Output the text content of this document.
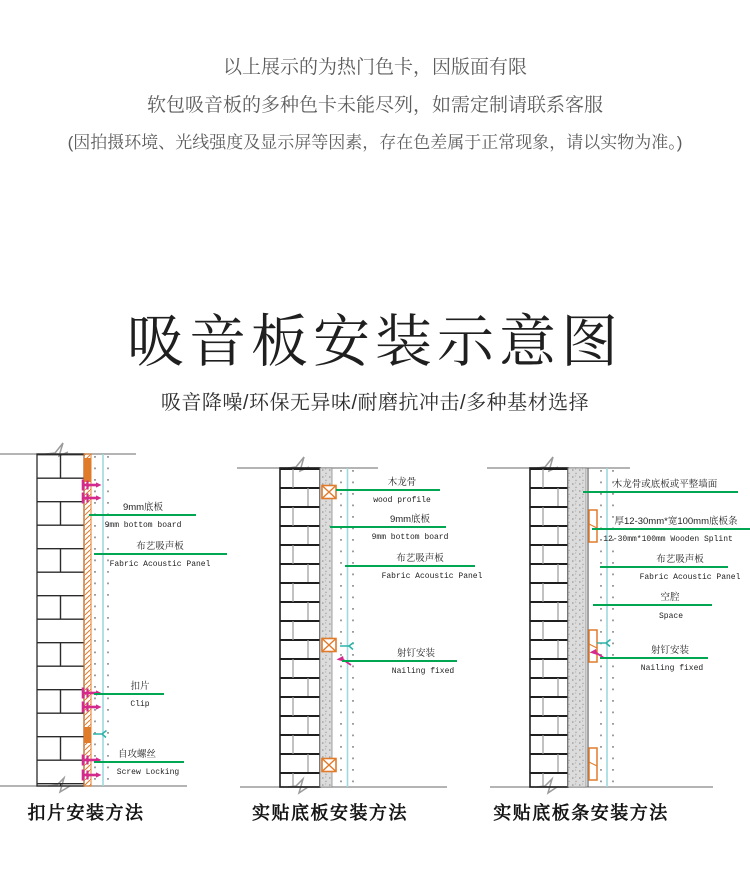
以上展示的为热门色卡，因版面有限
软包吸音板的多种色卡未能尽列，如需定制请联系客服
(因拍摄环境、光线强度及显示屏等因素，存在色差属于正常现象，请以实物为准。)
吸音板安装示意图
吸音降噪/环保无异味/耐磨抗冲击/多种基材选择
9mm底板
9mm bottom board
布艺吸声板
Fabric Acoustic Panel
扣片
Clip
自攻螺丝
Screw Locking
木龙骨
wood profile
9mm底板
9mm bottom board
布艺吸声板
Fabric Acoustic Panel
射钉安装
Nailing fixed
木龙骨或底板或平整墙面
厚12-30mm*宽100mm底板条
12-30mm*100mm Wooden Splint
布艺吸声板
Fabric Acoustic Panel
空腔
Space
射钉安装
Nailing fixed
扣片安装方法	实贴底板安装方法	实贴底板条安装方法
